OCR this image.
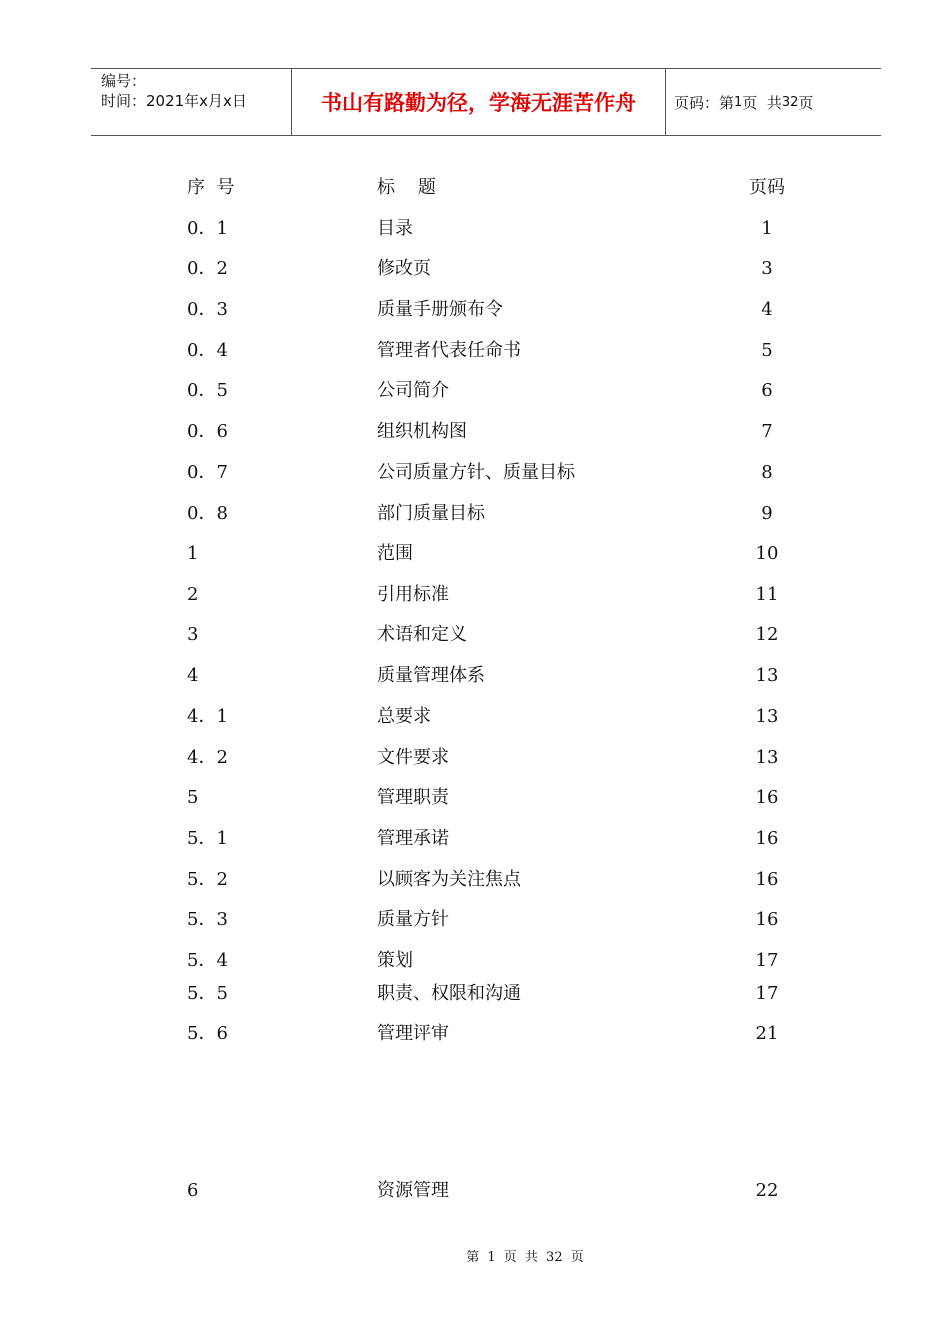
编号：
时间：2021年x月x日	书山有路勤为径，学海无涯苦作舟	页码：第 1 页  共 32 页
序  号	标    题	页码
0．1	目录	1
0．2	修改页	3
0．3	质量手册颁布令	4
0．4	管理者代表任命书	5
0．5	公司简介	6
0．6	组织机构图	7
0．7	公司质量方针、质量目标	8
0．8	部门质量目标	9
1	范围	10
2	引用标准	11
3	术语和定义	12
4	质量管理体系	13
4．1	总要求	13
4．2	文件要求	13
5	管理职责	16
5．1	管理承诺	16
5．2	以顾客为关注焦点	16
5．3	质量方针	16
5．4	策划	17
5．5	职责、权限和沟通	17
5．6	管理评审	21
6	资源管理	22
第 1 页 共 32 页
